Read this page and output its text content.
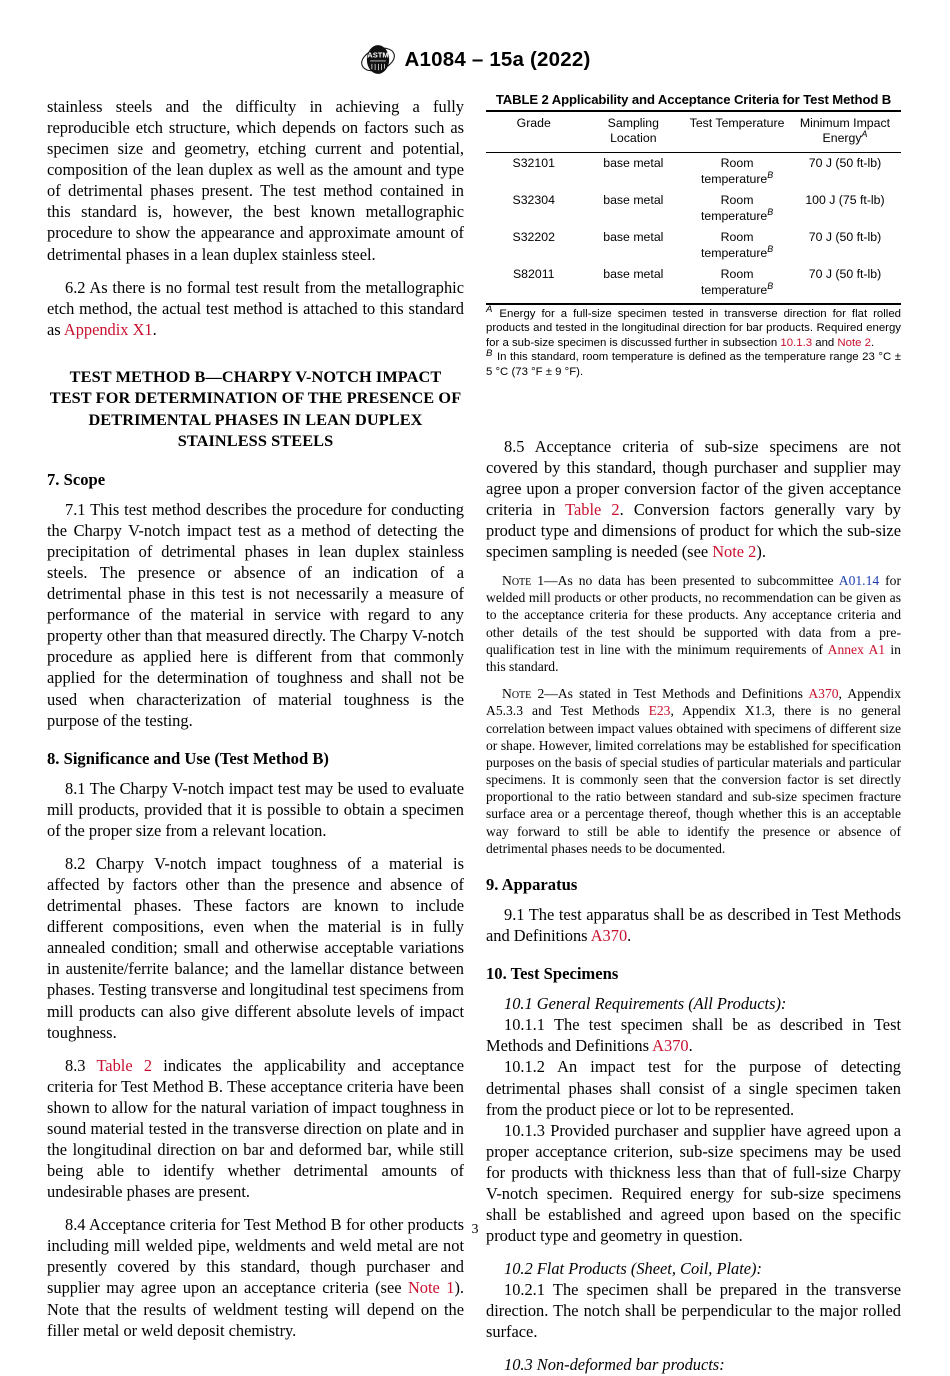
ASTM A1084 – 15a (2022)

stainless steels and the difficulty in achieving a fully reproducible etch structure, which depends on factors such as specimen size and geometry, etching current and potential, composition of the lean duplex as well as the amount and type of detrimental phases present. The test method contained in this standard is, however, the best known metallographic procedure to show the appearance and approximate amount of detrimental phases in a lean duplex stainless steel.

6.2 As there is no formal test result from the metallographic etch method, the actual test method is attached to this standard as Appendix X1.

TEST METHOD B—CHARPY V-NOTCH IMPACT TEST FOR DETERMINATION OF THE PRESENCE OF DETRIMENTAL PHASES IN LEAN DUPLEX STAINLESS STEELS
7. Scope

7.1 This test method describes the procedure for conducting the Charpy V-notch impact test as a method of detecting the precipitation of detrimental phases in lean duplex stainless steels. The presence or absence of an indication of a detrimental phase in this test is not necessarily a measure of performance of the material in service with regard to any property other than that measured directly. The Charpy V-notch procedure as applied here is different from that commonly applied for the determination of toughness and shall not be used when characterization of material toughness is the purpose of the testing.

8. Significance and Use (Test Method B)

8.1 The Charpy V-notch impact test may be used to evaluate mill products, provided that it is possible to obtain a specimen of the proper size from a relevant location.

8.2 Charpy V-notch impact toughness of a material is affected by factors other than the presence and absence of detrimental phases. These factors are known to include different compositions, even when the material is in fully annealed condition; small and otherwise acceptable variations in austenite/ferrite balance; and the lamellar distance between phases. Testing transverse and longitudinal test specimens from mill products can also give different absolute levels of impact toughness.

8.3 Table 2 indicates the applicability and acceptance criteria for Test Method B. These acceptance criteria have been shown to allow for the natural variation of impact toughness in sound material tested in the transverse direction on plate and in the longitudinal direction on bar and deformed bar, while still being able to identify whether detrimental amounts of undesirable phases are present.

8.4 Acceptance criteria for Test Method B for other products including mill welded pipe, weldments and weld metal are not presently covered by this standard, though purchaser and supplier may agree upon an acceptance criteria (see Note 1). Note that the results of weldment testing will depend on the filler metal or weld deposit chemistry.

TABLE 2 Applicability and Acceptance Criteria for Test Method B
Grade	Sampling Location	Test Temperature	Minimum Impact Energy$^A$
S32101	base metal	Room temperature$^B$	70 J (50 ft-lb)
S32304	base metal	Room temperature$^B$	100 J (75 ft-lb)
S32202	base metal	Room temperature$^B$	70 J (50 ft-lb)
S82011	base metal	Room temperature$^B$	70 J (50 ft-lb)
$^A$ Energy for a full-size specimen tested in transverse direction for flat rolled products and tested in the longitudinal direction for bar products. Required energy for a sub-size specimen is discussed further in subsection 10.1.3 and Note 2.
$^B$ In this standard, room temperature is defined as the temperature range 23 °C ± 5 °C (73 °F ± 9 °F).

8.5 Acceptance criteria of sub-size specimens are not covered by this standard, though purchaser and supplier may agree upon a proper conversion factor of the given acceptance criteria in Table 2. Conversion factors generally vary by product type and dimensions of product for which the sub-size specimen sampling is needed (see Note 2).

Note 1—As no data has been presented to subcommittee A01.14 for welded mill products or other products, no recommendation can be given as to the acceptance criteria for these products. Any acceptance criteria and other details of the test should be supported with data from a pre-qualification test in line with the minimum requirements of Annex A1 in this standard.

Note 2—As stated in Test Methods and Definitions A370, Appendix A5.3.3 and Test Methods E23, Appendix X1.3, there is no general correlation between impact values obtained with specimens of different size or shape. However, limited correlations may be established for specification purposes on the basis of special studies of particular materials and particular specimens. It is commonly seen that the conversion factor is set directly proportional to the ratio between standard and sub-size specimen fracture surface area or a percentage thereof, though whether this is an acceptable way forward to still be able to identify the presence or absence of detrimental phases needs to be documented.

9. Apparatus

9.1 The test apparatus shall be as described in Test Methods and Definitions A370.

10. Test Specimens

10.1 General Requirements (All Products):

10.1.1 The test specimen shall be as described in Test Methods and Definitions A370.

10.1.2 An impact test for the purpose of detecting detrimental phases shall consist of a single specimen taken from the product piece or lot to be represented.

10.1.3 Provided purchaser and supplier have agreed upon a proper acceptance criterion, sub-size specimens may be used for products with thickness less than that of full-size Charpy V-notch specimen. Required energy for sub-size specimens shall be established and agreed upon based on the specific product type and geometry in question.

10.2 Flat Products (Sheet, Coil, Plate):

10.2.1 The specimen shall be prepared in the transverse direction. The notch shall be perpendicular to the major rolled surface.

10.3 Non-deformed bar products:

3
